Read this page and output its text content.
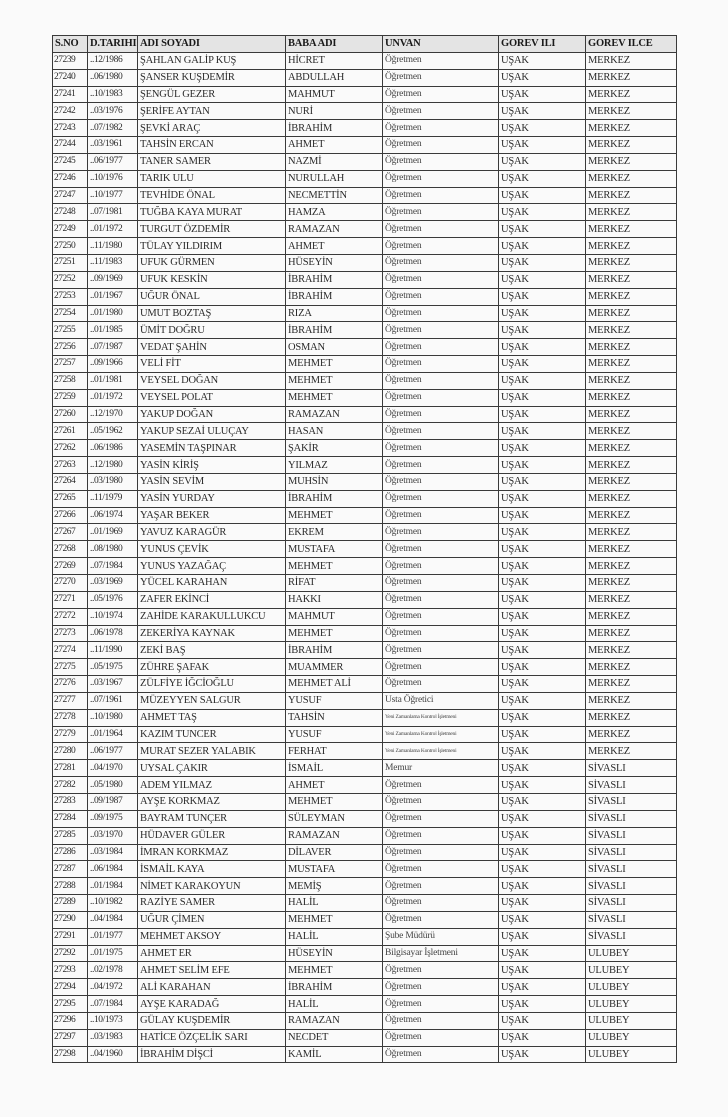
S.NO	D.TARIHI	ADI SOYADI	BABA ADI	UNVAN	GOREV ILI	GOREV ILCE
27239	..12/1986	ŞAHLAN GALİP KUŞ	HİCRET	Öğretmen	UŞAK	MERKEZ
27240	..06/1980	ŞANSER KUŞDEMİR	ABDULLAH	Öğretmen	UŞAK	MERKEZ
27241	..10/1983	ŞENGÜL GEZER	MAHMUT	Öğretmen	UŞAK	MERKEZ
27242	..03/1976	ŞERİFE AYTAN	NURİ	Öğretmen	UŞAK	MERKEZ
27243	..07/1982	ŞEVKİ ARAÇ	İBRAHİM	Öğretmen	UŞAK	MERKEZ
27244	..03/1961	TAHSİN ERCAN	AHMET	Öğretmen	UŞAK	MERKEZ
27245	..06/1977	TANER SAMER	NAZMİ	Öğretmen	UŞAK	MERKEZ
27246	..10/1976	TARIK ULU	NURULLAH	Öğretmen	UŞAK	MERKEZ
27247	..10/1977	TEVHİDE ÖNAL	NECMETTİN	Öğretmen	UŞAK	MERKEZ
27248	..07/1981	TUĞBA KAYA MURAT	HAMZA	Öğretmen	UŞAK	MERKEZ
27249	..01/1972	TURGUT ÖZDEMİR	RAMAZAN	Öğretmen	UŞAK	MERKEZ
27250	..11/1980	TÜLAY YILDIRIM	AHMET	Öğretmen	UŞAK	MERKEZ
27251	..11/1983	UFUK GÜRMEN	HÜSEYİN	Öğretmen	UŞAK	MERKEZ
27252	..09/1969	UFUK KESKİN	İBRAHİM	Öğretmen	UŞAK	MERKEZ
27253	..01/1967	UĞUR ÖNAL	İBRAHİM	Öğretmen	UŞAK	MERKEZ
27254	..01/1980	UMUT BOZTAŞ	RIZA	Öğretmen	UŞAK	MERKEZ
27255	..01/1985	ÜMİT DOĞRU	İBRAHİM	Öğretmen	UŞAK	MERKEZ
27256	..07/1987	VEDAT ŞAHİN	OSMAN	Öğretmen	UŞAK	MERKEZ
27257	..09/1966	VELİ FİT	MEHMET	Öğretmen	UŞAK	MERKEZ
27258	..01/1981	VEYSEL DOĞAN	MEHMET	Öğretmen	UŞAK	MERKEZ
27259	..01/1972	VEYSEL POLAT	MEHMET	Öğretmen	UŞAK	MERKEZ
27260	..12/1970	YAKUP DOĞAN	RAMAZAN	Öğretmen	UŞAK	MERKEZ
27261	..05/1962	YAKUP SEZAİ ULUÇAY	HASAN	Öğretmen	UŞAK	MERKEZ
27262	..06/1986	YASEMİN TAŞPINAR	ŞAKİR	Öğretmen	UŞAK	MERKEZ
27263	..12/1980	YASİN KİRİŞ	YILMAZ	Öğretmen	UŞAK	MERKEZ
27264	..03/1980	YASİN SEVİM	MUHSİN	Öğretmen	UŞAK	MERKEZ
27265	..11/1979	YASİN YURDAY	İBRAHİM	Öğretmen	UŞAK	MERKEZ
27266	..06/1974	YAŞAR BEKER	MEHMET	Öğretmen	UŞAK	MERKEZ
27267	..01/1969	YAVUZ KARAGÜR	EKREM	Öğretmen	UŞAK	MERKEZ
27268	..08/1980	YUNUS ÇEVİK	MUSTAFA	Öğretmen	UŞAK	MERKEZ
27269	..07/1984	YUNUS YAZAĞAÇ	MEHMET	Öğretmen	UŞAK	MERKEZ
27270	..03/1969	YÜCEL KARAHAN	RİFAT	Öğretmen	UŞAK	MERKEZ
27271	..05/1976	ZAFER EKİNCİ	HAKKI	Öğretmen	UŞAK	MERKEZ
27272	..10/1974	ZAHİDE KARAKULLUKCU	MAHMUT	Öğretmen	UŞAK	MERKEZ
27273	..06/1978	ZEKERİYA KAYNAK	MEHMET	Öğretmen	UŞAK	MERKEZ
27274	..11/1990	ZEKİ BAŞ	İBRAHİM	Öğretmen	UŞAK	MERKEZ
27275	..05/1975	ZÜHRE ŞAFAK	MUAMMER	Öğretmen	UŞAK	MERKEZ
27276	..03/1967	ZÜLFİYE İĞCİOĞLU	MEHMET ALİ	Öğretmen	UŞAK	MERKEZ
27277	..07/1961	MÜZEYYEN SALGUR	YUSUF	Usta Öğretici	UŞAK	MERKEZ
27278	..10/1980	AHMET TAŞ	TAHSİN	Yeni Zamanlama Kontrol İşletmeni	UŞAK	MERKEZ
27279	..01/1964	KAZIM TUNCER	YUSUF	Yeni Zamanlama Kontrol İşletmeni	UŞAK	MERKEZ
27280	..06/1977	MURAT SEZER YALABIK	FERHAT	Yeni Zamanlama Kontrol İşletmeni	UŞAK	MERKEZ
27281	..04/1970	UYSAL ÇAKIR	İSMAİL	Memur	UŞAK	SİVASLI
27282	..05/1980	ADEM YILMAZ	AHMET	Öğretmen	UŞAK	SİVASLI
27283	..09/1987	AYŞE KORKMAZ	MEHMET	Öğretmen	UŞAK	SİVASLI
27284	..09/1975	BAYRAM TUNÇER	SÜLEYMAN	Öğretmen	UŞAK	SİVASLI
27285	..03/1970	HÜDAVER GÜLER	RAMAZAN	Öğretmen	UŞAK	SİVASLI
27286	..03/1984	İMRAN KORKMAZ	DİLAVER	Öğretmen	UŞAK	SİVASLI
27287	..06/1984	İSMAİL KAYA	MUSTAFA	Öğretmen	UŞAK	SİVASLI
27288	..01/1984	NİMET KARAKOYUN	MEMİŞ	Öğretmen	UŞAK	SİVASLI
27289	..10/1982	RAZİYE SAMER	HALİL	Öğretmen	UŞAK	SİVASLI
27290	..04/1984	UĞUR ÇİMEN	MEHMET	Öğretmen	UŞAK	SİVASLI
27291	..01/1977	MEHMET AKSOY	HALİL	Şube Müdürü	UŞAK	SİVASLI
27292	..01/1975	AHMET ER	HÜSEYİN	Bilgisayar İşletmeni	UŞAK	ULUBEY
27293	..02/1978	AHMET SELİM EFE	MEHMET	Öğretmen	UŞAK	ULUBEY
27294	..04/1972	ALİ KARAHAN	İBRAHİM	Öğretmen	UŞAK	ULUBEY
27295	..07/1984	AYŞE KARADAĞ	HALİL	Öğretmen	UŞAK	ULUBEY
27296	..10/1973	GÜLAY KUŞDEMİR	RAMAZAN	Öğretmen	UŞAK	ULUBEY
27297	..03/1983	HATİCE ÖZÇELİK SARI	NECDET	Öğretmen	UŞAK	ULUBEY
27298	..04/1960	İBRAHİM DİŞCİ	KAMİL	Öğretmen	UŞAK	ULUBEY
